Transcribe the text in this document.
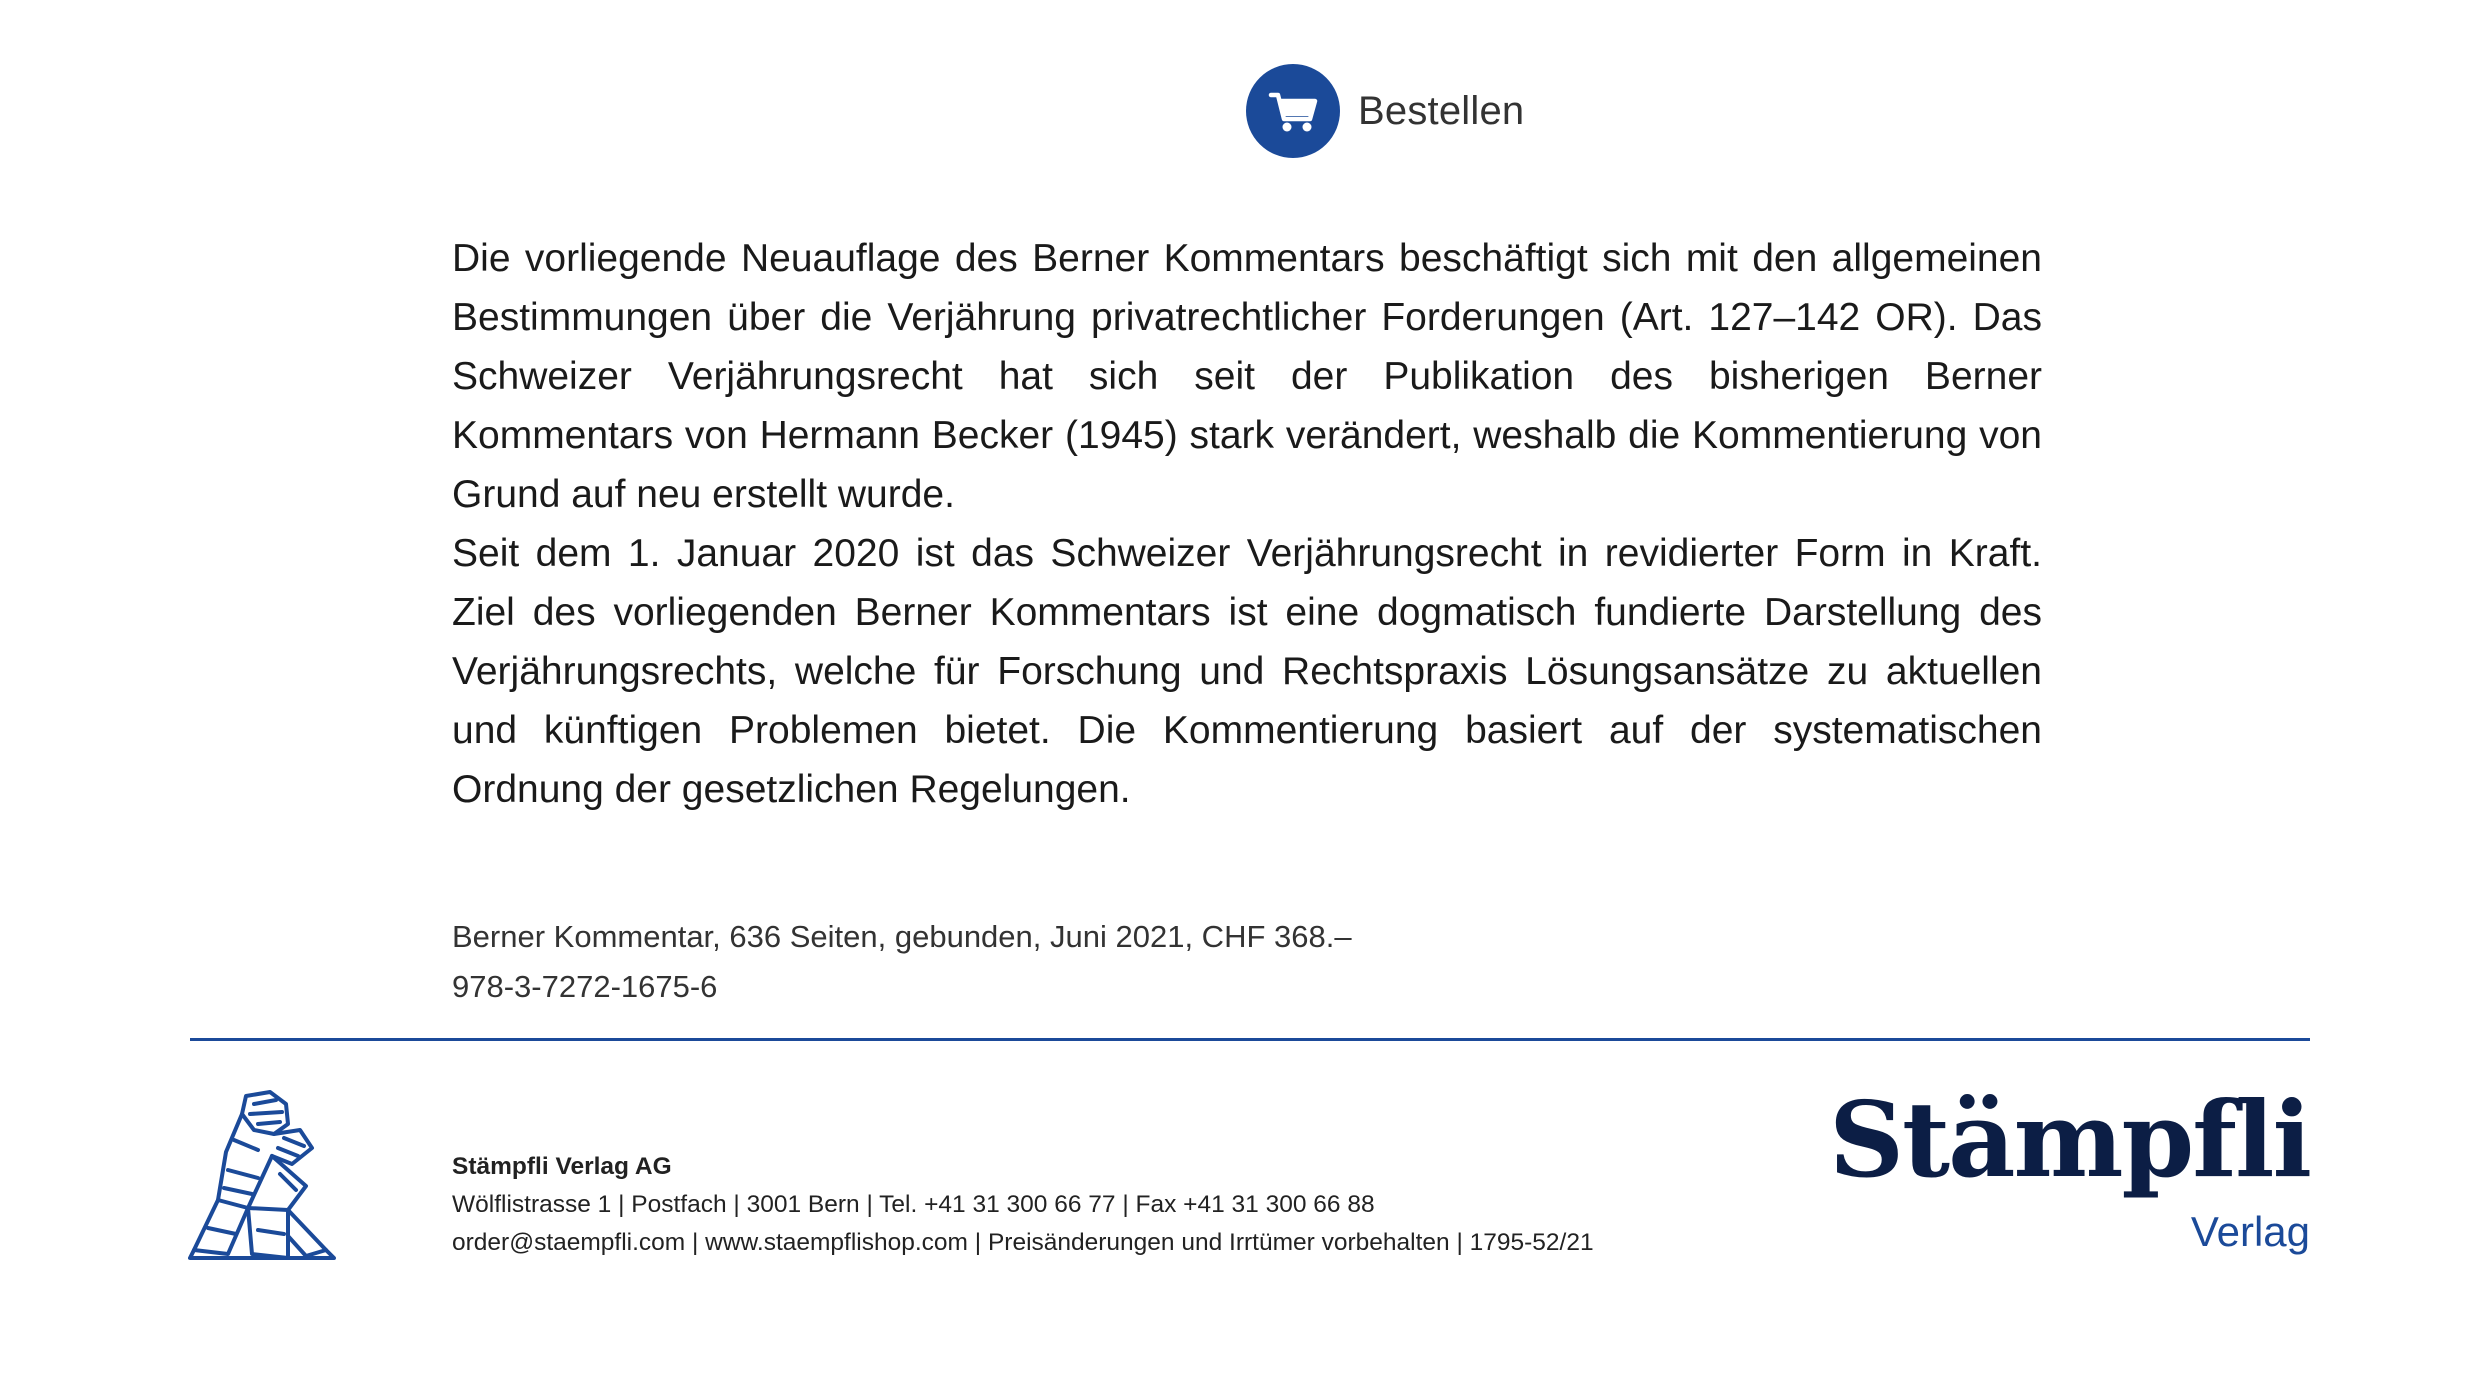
Bestellen

Die vorliegende Neuauflage des Berner Kommentars beschäftigt sich mit den allgemeinen Bestimmungen über die Verjährung privatrechtlicher Forderungen (Art. 127–142 OR). Das Schweizer Verjährungsrecht hat sich seit der Publikation des bisherigen Berner Kommentars von Hermann Becker (1945) stark verändert, weshalb die Kommentierung von Grund auf neu erstellt wurde.

Seit dem 1. Januar 2020 ist das Schweizer Verjährungsrecht in revidierter Form in Kraft. Ziel des vorliegenden Berner Kommentars ist eine dogmatisch fundierte Darstellung des Verjährungsrechts, welche für Forschung und Rechtspraxis Lösungsansätze zu aktuellen und künftigen Problemen bietet. Die Kommentierung basiert auf der systematischen Ordnung der gesetzlichen Regelungen.

Berner Kommentar, 636 Seiten, gebunden, Juni 2021, CHF 368.–
978-3-7272-1675-6
Stämpfli Verlag AG
Wölflistrasse 1 | Postfach | 3001 Bern | Tel. +41 31 300 66 77 | Fax +41 31 300 66 88
order@staempfli.com | www.staempflishop.com | Preisänderungen und Irrtümer vorbehalten | 1795-52/21
Stämpfli
Verlag
